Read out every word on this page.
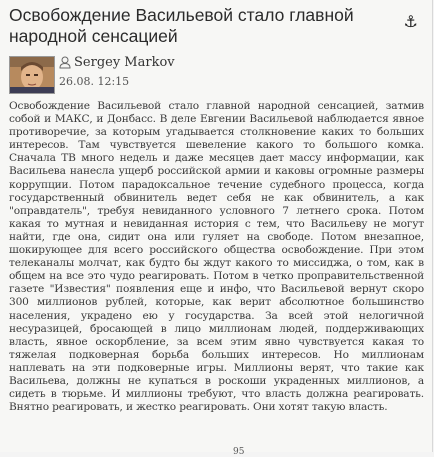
Освобождение Васильевой стало главной народной сенсацией
⚓
Sergey Markov
26.08. 12:15

Освобождение Васильевой стало главной народной сенсацией, затмив собой и МАКС, и Донбасс. В деле Евгении Васильевой наблюдается явное противоречие, за которым угадывается столкновение каких то больших интересов. Там чувствуется шевеление какого то большого комка. Сначала ТВ много недель и даже месяцев дает массу информации, как Васильева нанесла ущерб российской армии и каковы огромные размеры коррупции. Потом парадоксальное течение судебного процесса, когда государственный обвинитель ведет себя не как обвинитель, а как "оправдатель", требуя невиданного условного 7 летнего срока. Потом какая то мутная и невиданная история с тем, что Васильеву не могут найти, где она, сидит она или гуляет на свободе. Потом внезапное, шокирующее для всего российского общества освобождение. При этом телеканалы молчат, как будто бы ждут какого то миссиджа, о том, как в общем на все это чудо реагировать. Потом в четко проправительственной газете "Известия" появления еще и инфо, что Васильевой вернут скоро 300 миллионов рублей, которые, как верит абсолютное большинство населения, украдено ею у государства. За всей этой нелогичной несуразицей, бросающей в лицо миллионам людей, поддерживающих власть, явное оскорбление, за всем этим явно чувствуется какая то тяжелая подковерная борьба больших интересов. Но миллионам наплевать на эти подковерные игры. Миллионы верят, что такие как Васильева, должны не купаться в роскоши украденных миллионов, а сидеть в тюрьме. И миллионы требуют, что власть должна реагировать. Внятно реагировать, и жестко реагировать. Они хотят такую власть.

95
